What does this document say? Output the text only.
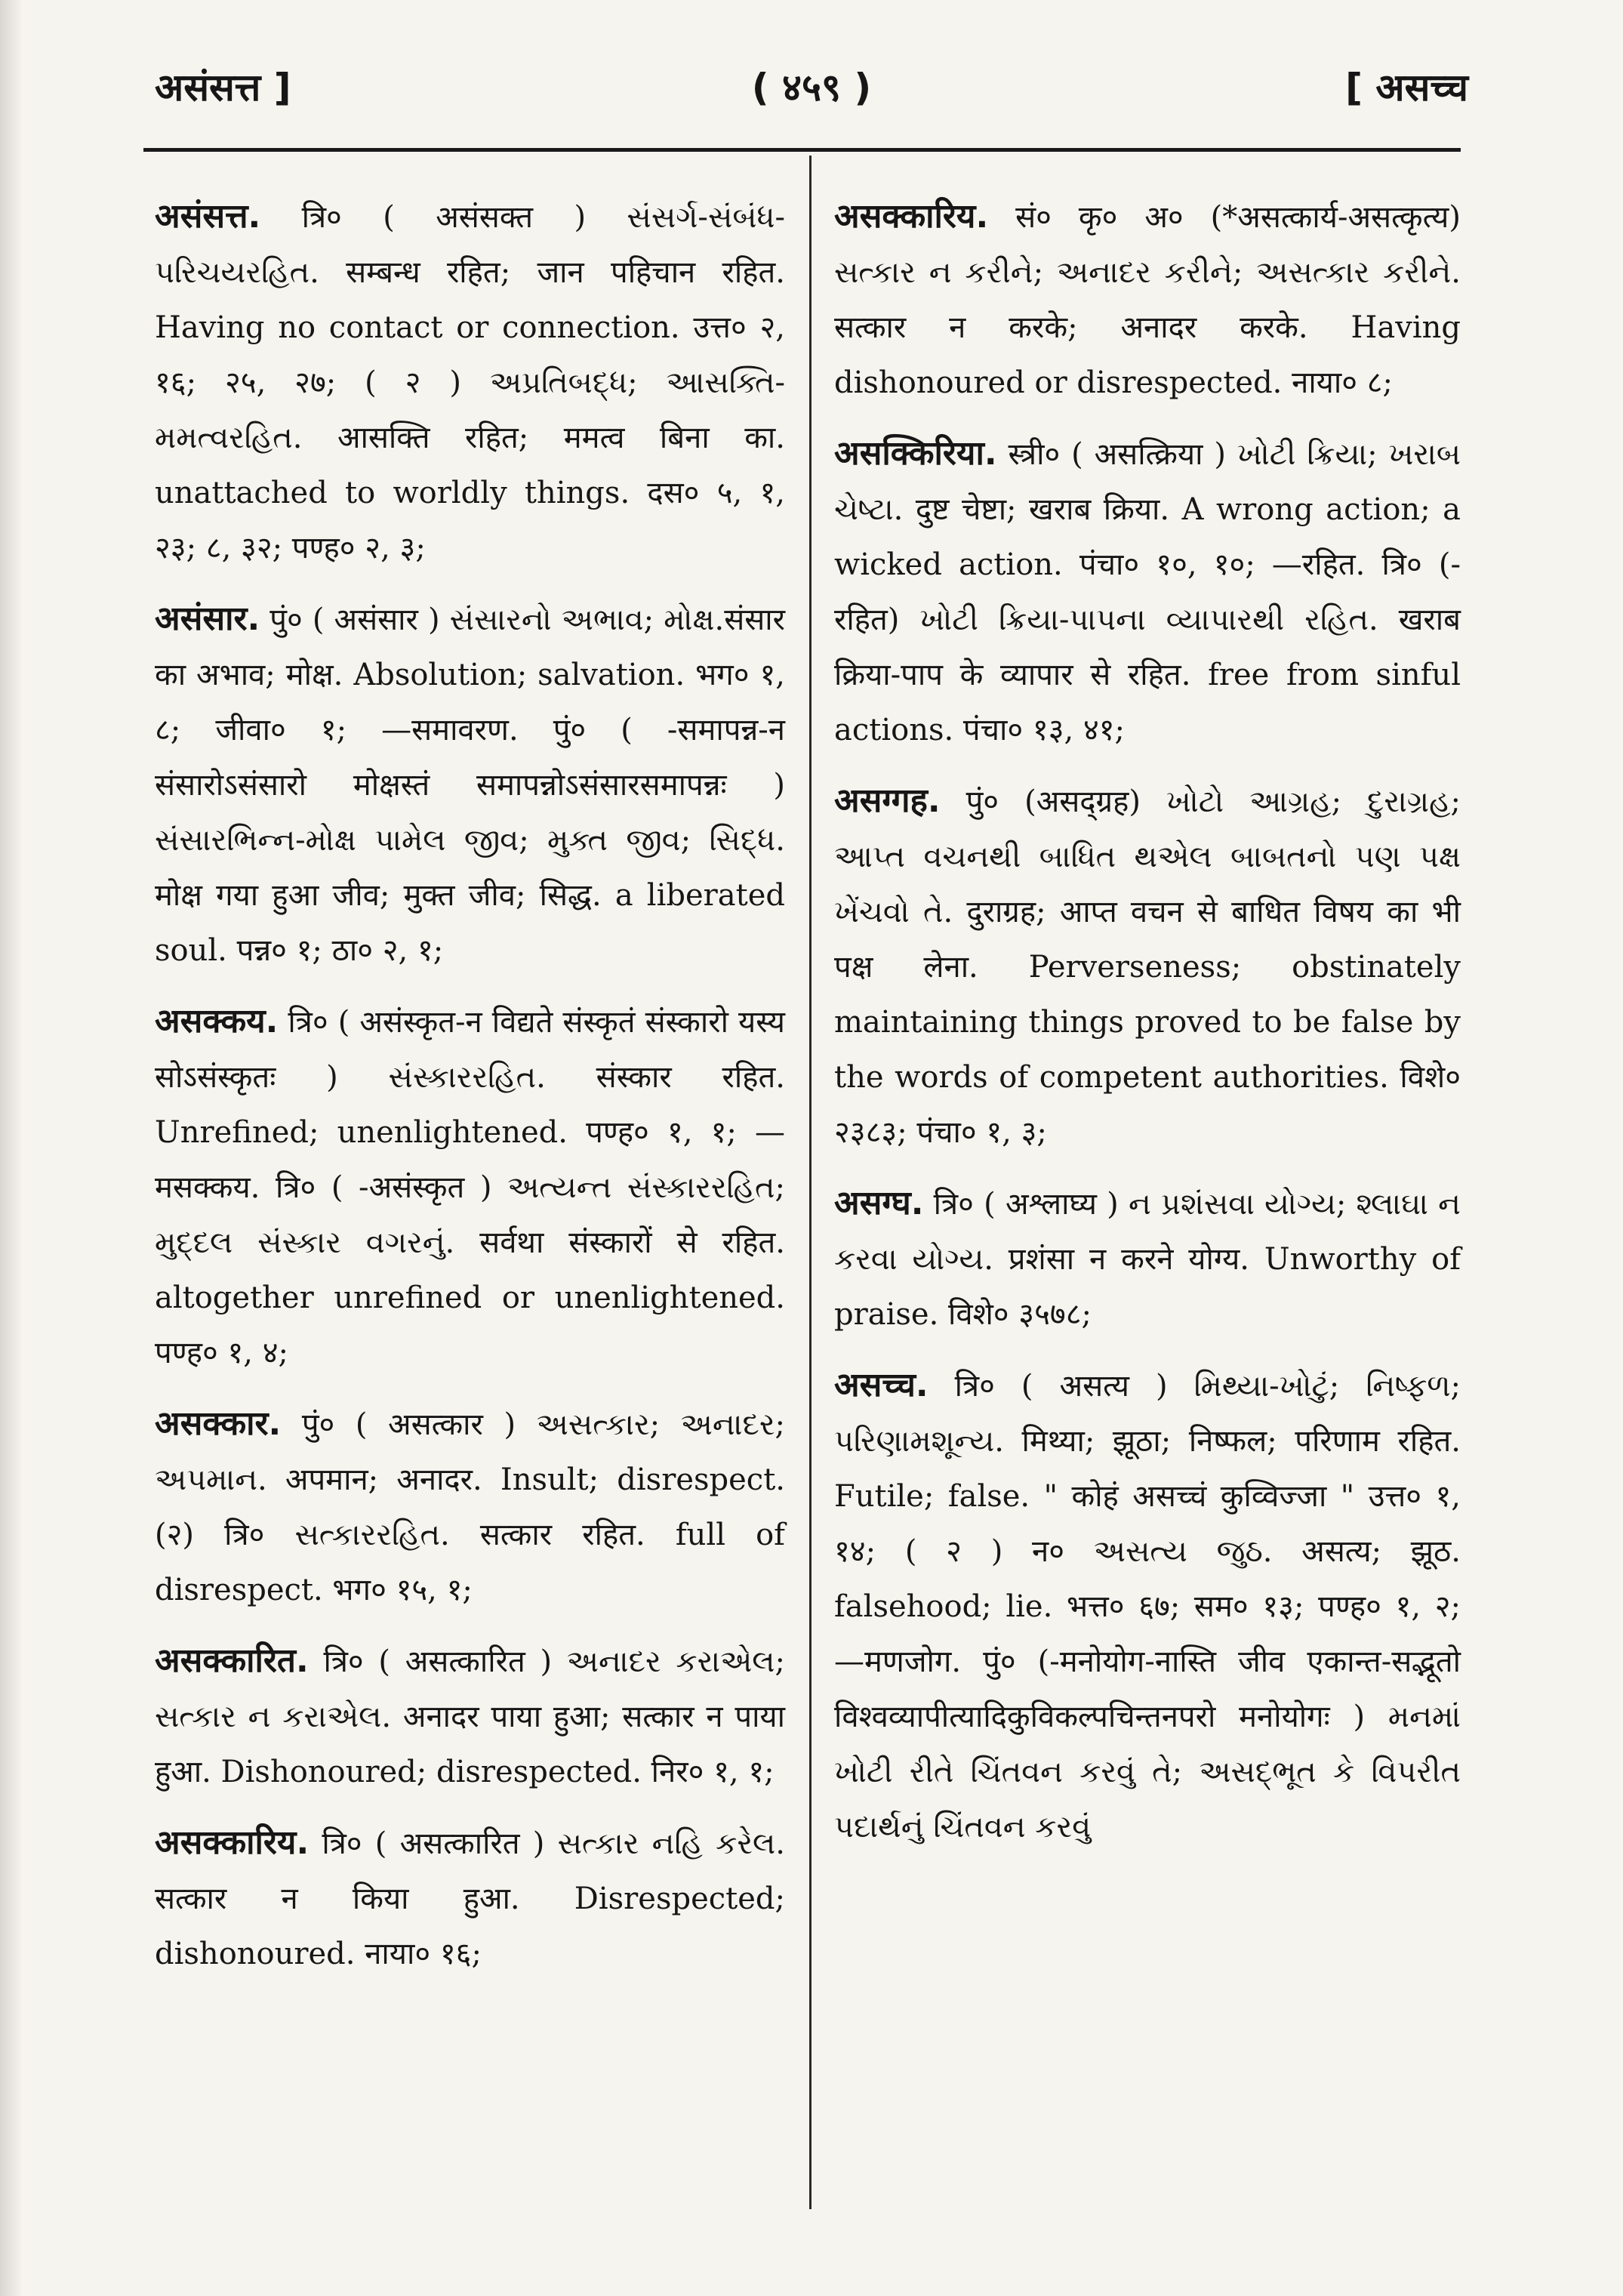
अ‍संसत्त ]	( ४५९ )	[ असच्च

अ‍संसत्त. त्रि० ( असंसक्त ) સંસર્ગ-સંબંધ-પરિચયરહિત. सम्बन्ध रहित; जान पहिचान रहित. Having no contact or connection. उत्त० २, १६; २५, २७; ( २ ) અપ્રતિબદ્ધ; આસક્તિ-મમત્વરહિત. आसक्ति रहित; ममत्व बिना का. unattached to worldly things. दस० ५, १, २३; ८, ३२; पण्ह० २, ३;

अ‍संसार. पुं० ( असंसार ) સંસારનો અભાવ; મોક્ષ.संसार का अभाव; मोक्ष. Absolution; salvation. भग० १, ८; जीवा० १; —समावरण. पुं० ( -समापन्न-न संसारोऽसंसारो मोक्षस्तं समापन्नोऽसंसारसमापन्नः ) સંસારભિન્ન-મોક્ષ પામેલ જીવ; મુક્ત જીવ; સિદ્ધ. मोक्ष गया हुआ जीव; मुक्त जीव; सिद्ध. a liberated soul. पन्न० १; ठा० २, १;

अ‍सक्कय. त्रि० ( असंस्कृत-न विद्यते संस्कृतं संस्कारो यस्य सोऽसंस्कृतः ) સંસ્કારરહિત. संस्कार रहित. Unrefined; unenlightened. पण्ह० १, १; —मसक्कय. त्रि० ( -असंस्कृत ) અત્યન્ત સંસ્કારરહિત; મુદ્દલ સંસ્કાર વગરનું. सर्वथा संस्कारों से रहित. altogether unrefined or unenlightened. पण्ह० १, ४;

अ‍सक्कार. पुं० ( असत्कार ) અસત્કાર; અનાદર; અપમાન. अपमान; अनादर. Insult; disrespect.(२) त्रि० સત્કારરહિત. सत्कार रहित. full of disrespect. भग० १५, १;

अ‍सक्कारित. त्रि० ( असत्कारित ) અનાદર કરાએલ; સત્કાર ન કરાએલ. अनादर पाया हुआ; सत्कार न पाया हुआ. Dishonoured; disrespected. निर० १, १;

अ‍सक्कारिय. त्रि० ( असत्कारित ) સત્કાર નહિ કરેલ. सत्कार न किया हुआ. Disrespected; dishonoured. नाया० १६;

अ‍सक्कारिय. सं० कृ० अ० (*असत्कार्य-असत्कृत्य) સત્કાર ન કરીને; અનાદર કરીને; અસત્કાર કરીને. सत्कार न करके; अनादर करके. Having dishonoured or disrespected. नाया० ८;

अ‍सक्किरिया. स्त्री० ( असत्क्रिया ) ખોટી ક્રિયા; ખરાબ ચેષ્ટા. दुष्ट चेष्टा; खराब क्रिया. A wrong action; a wicked action. पंचा० १०, १०; —रहित. त्रि० (-रहित) ખોટી ક્રિયા-પાપના વ્યાપારથી રહિત. खराब क्रिया-पाप के व्यापार से रहित. free from sinful actions. पंचा० १३, ४१;

अ‍सग्गह. पुं० (असद्ग्रह) ખોટો આગ્રહ; દુરાગ્રહ; આપ્ત વચનથી બાધિત થએલ બાબતનો પણ પક્ષ ખેંચવો તે. दुराग्रह; आप्त वचन से बाधित विषय का भी पक्ष लेना. Perverseness; obstinately maintaining things proved to be false by the words of competent authorities. विशे० २३८३; पंचा० १, ३;

अ‍सग्घ. त्रि० ( अश्लाघ्य ) ન પ્રશંસવા યોગ્ય; શ્લાઘા ન કરવા યોગ્ય. प्रशंसा न करने योग्य. Unworthy of praise. विशे० ३५७८;

अ‍सच्च. त्रि० ( असत्य ) મિથ્યા-ખોટું; નિષ્ફળ; પરિણામશૂન્ય. मिथ्या; झूठा; निष्फल; परिणाम रहित. Futile; false. " कोहं असच्चं कुव्विज्जा " उत्त० १, १४; ( २ ) न० અસત્ય જુઠ. असत्य; झूठ. falsehood; lie. भत्त० ६७; सम० १३; पण्ह० १, २; —मणजोग. पुं० (-मनोयोग-नास्ति जीव एकान्त-सद्भूतो विश्वव्यापीत्यादिकुविकल्पचिन्तनपरो मनोयोगः ) મનમાં ખોટી રીતે ચિંતવન કરવું તે; અસદ્ભૂત કે વિપરીત પદાર્થનું ચિંતવન કરવું
